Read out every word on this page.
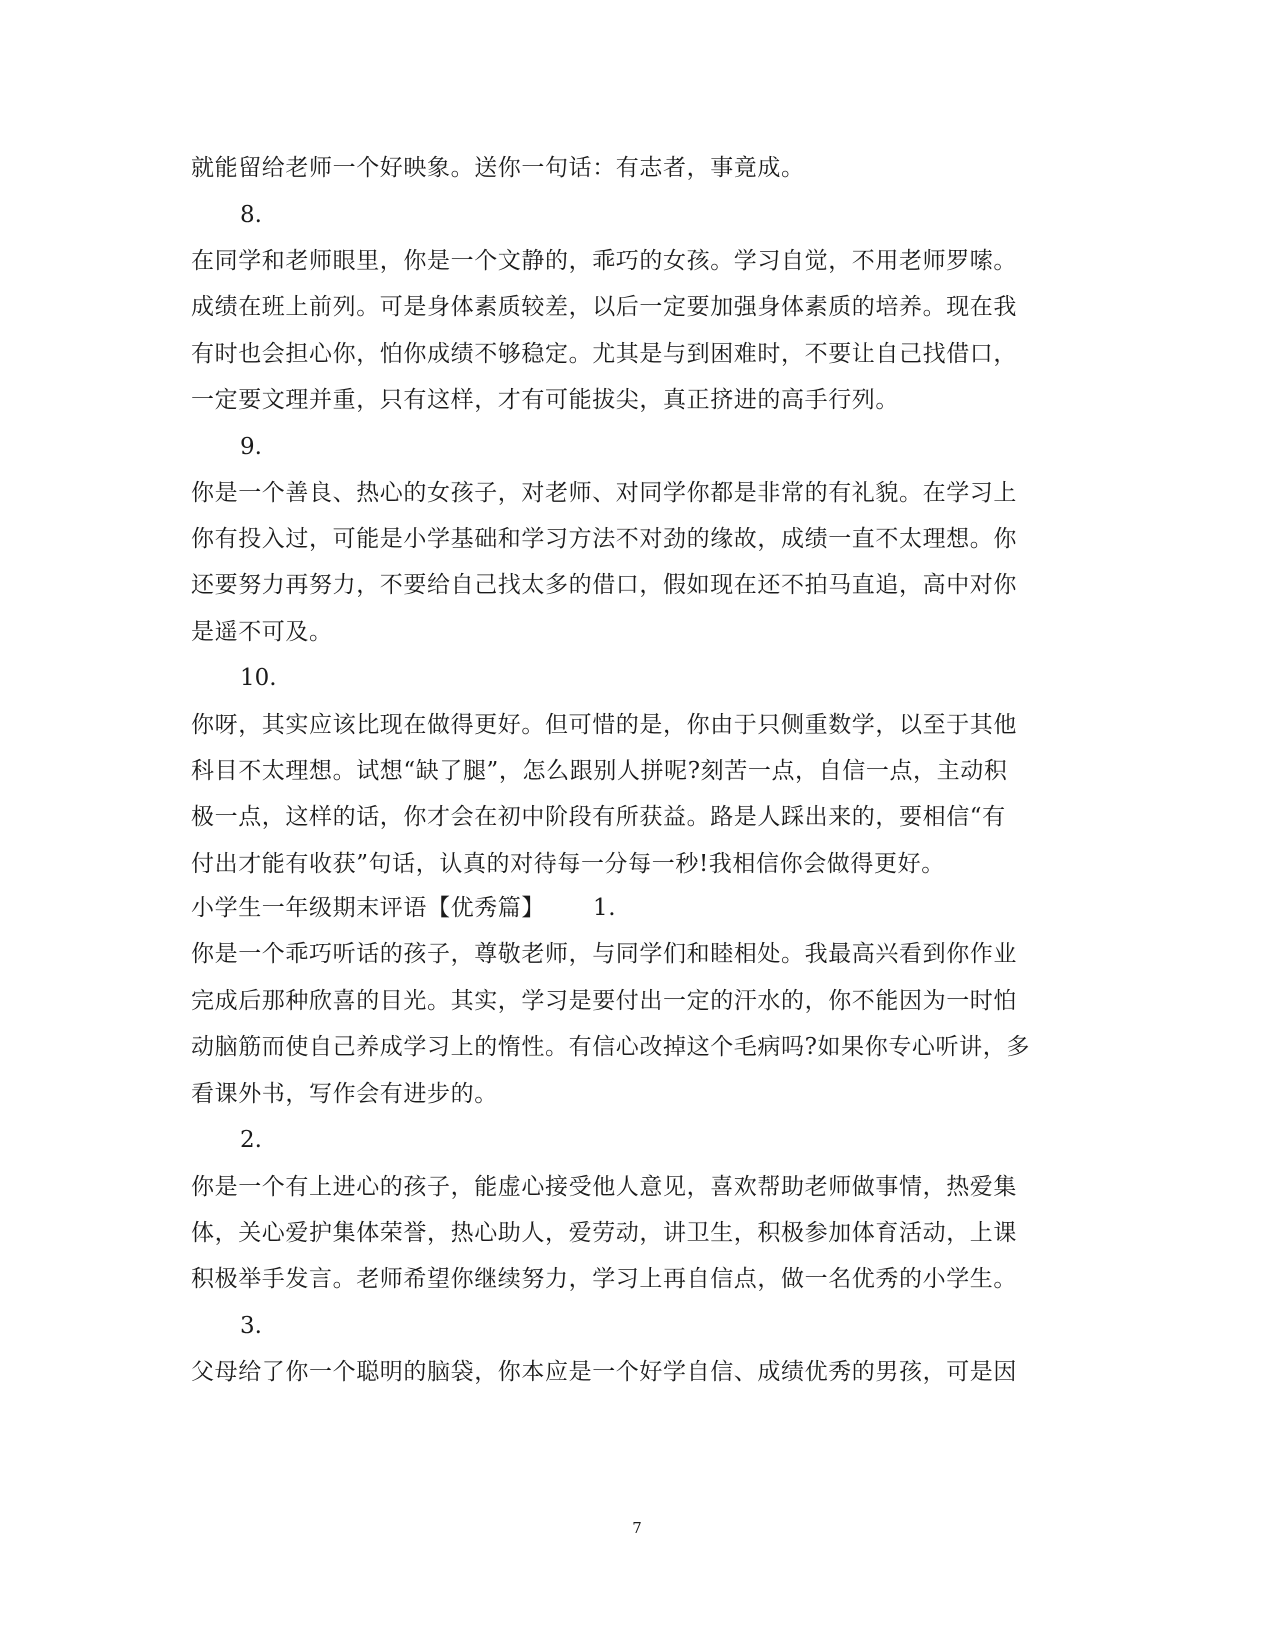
就能留给老师一个好映象。送你一句话：有志者，事竟成。

8.

在同学和老师眼里，你是一个文静的，乖巧的女孩。学习自觉，不用老师罗嗦。

成绩在班上前列。可是身体素质较差，以后一定要加强身体素质的培养。现在我

有时也会担心你，怕你成绩不够稳定。尤其是与到困难时，不要让自己找借口，

一定要文理并重，只有这样，才有可能拔尖，真正挤进的高手行列。

9.

你是一个善良、热心的女孩子，对老师、对同学你都是非常的有礼貌。在学习上

你有投入过，可能是小学基础和学习方法不对劲的缘故，成绩一直不太理想。你

还要努力再努力，不要给自己找太多的借口，假如现在还不拍马直追，高中对你

是遥不可及。

10.

你呀，其实应该比现在做得更好。但可惜的是，你由于只侧重数学，以至于其他

科目不太理想。试想“缺了腿”，怎么跟别人拼呢?刻苦一点，自信一点，主动积

极一点，这样的话，你才会在初中阶段有所获益。路是人踩出来的，要相信“有

付出才能有收获”句话，认真的对待每一分每一秒!我相信你会做得更好。

小学生一年级期末评语【优秀篇】 1.

你是一个乖巧听话的孩子，尊敬老师，与同学们和睦相处。我最高兴看到你作业

完成后那种欣喜的目光。其实，学习是要付出一定的汗水的，你不能因为一时怕

动脑筋而使自己养成学习上的惰性。有信心改掉这个毛病吗?如果你专心听讲，多

看课外书，写作会有进步的。

2.

你是一个有上进心的孩子，能虚心接受他人意见，喜欢帮助老师做事情，热爱集

体，关心爱护集体荣誉，热心助人，爱劳动，讲卫生，积极参加体育活动，上课

积极举手发言。老师希望你继续努力，学习上再自信点，做一名优秀的小学生。

3.

父母给了你一个聪明的脑袋，你本应是一个好学自信、成绩优秀的男孩，可是因

7
